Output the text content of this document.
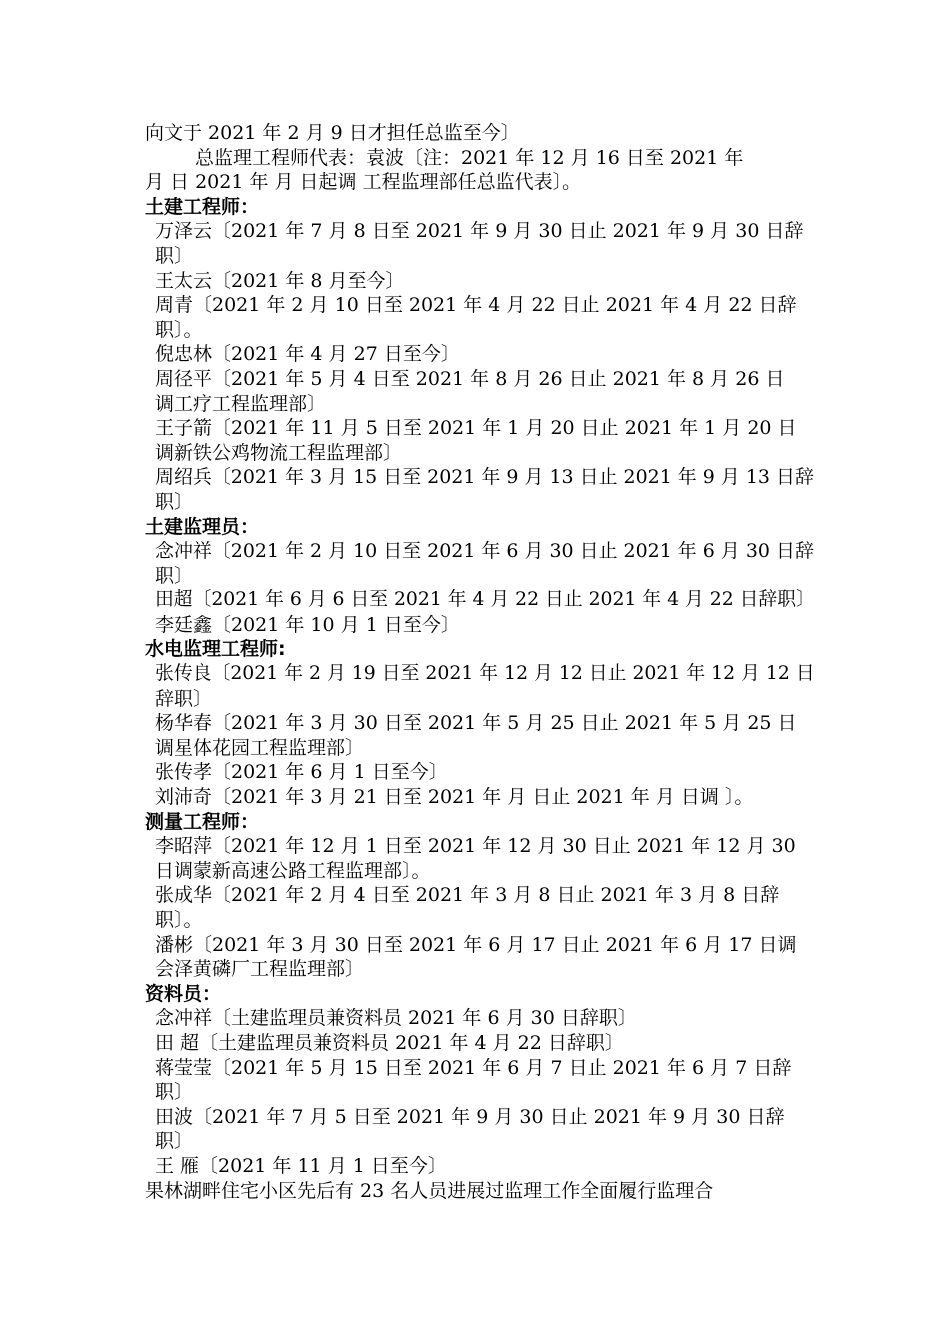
向文于 2021 年 2 月 9 日才担任总监至今〕
总监理工程师代表：袁波〔注：2021 年 12 月 16 日至 2021 年
月 日 2021 年 月 日起调 工程监理部任总监代表〕。
土建工程师：
万泽云〔2021 年 7 月 8 日至 2021 年 9 月 30 日止 2021 年 9 月 30 日辞
职〕
王太云〔2021 年 8 月至今〕
周青〔2021 年 2 月 10 日至 2021 年 4 月 22 日止 2021 年 4 月 22 日辞
职〕。
倪忠林〔2021 年 4 月 27 日至今〕
周径平〔2021 年 5 月 4 日至 2021 年 8 月 26 日止 2021 年 8 月 26 日
调工疗工程监理部〕
王子箭〔2021 年 11 月 5 日至 2021 年 1 月 20 日止 2021 年 1 月 20 日
调新铁公鸡物流工程监理部〕
周绍兵〔2021 年 3 月 15 日至 2021 年 9 月 13 日止 2021 年 9 月 13 日辞
职〕
土建监理员：
念冲祥〔2021 年 2 月 10 日至 2021 年 6 月 30 日止 2021 年 6 月 30 日辞
职〕
田超〔2021 年 6 月 6 日至 2021 年 4 月 22 日止 2021 年 4 月 22 日辞职〕
李廷鑫〔2021 年 10 月 1 日至今〕
水电监理工程师:
张传良〔2021 年 2 月 19 日至 2021 年 12 月 12 日止 2021 年 12 月 12 日
辞职〕
杨华春〔2021 年 3 月 30 日至 2021 年 5 月 25 日止 2021 年 5 月 25 日
调星体花园工程监理部〕
张传孝〔2021 年 6 月 1 日至今〕
刘沛奇〔2021 年 3 月 21 日至 2021 年 月 日止 2021 年 月 日调 〕。
测量工程师：
李昭萍〔2021 年 12 月 1 日至 2021 年 12 月 30 日止 2021 年 12 月 30
日调蒙新高速公路工程监理部〕。
张成华〔2021 年 2 月 4 日至 2021 年 3 月 8 日止 2021 年 3 月 8 日辞
职〕。
潘彬〔2021 年 3 月 30 日至 2021 年 6 月 17 日止 2021 年 6 月 17 日调
会泽黄磷厂工程监理部〕
资料员：
念冲祥〔土建监理员兼资料员 2021 年 6 月 30 日辞职〕
田 超〔土建监理员兼资料员 2021 年 4 月 22 日辞职〕
蒋莹莹〔2021 年 5 月 15 日至 2021 年 6 月 7 日止 2021 年 6 月 7 日辞
职〕
田波〔2021 年 7 月 5 日至 2021 年 9 月 30 日止 2021 年 9 月 30 日辞
职〕
王 雁〔2021 年 11 月 1 日至今〕
果林湖畔住宅小区先后有 23 名人员进展过监理工作全面履行监理合
